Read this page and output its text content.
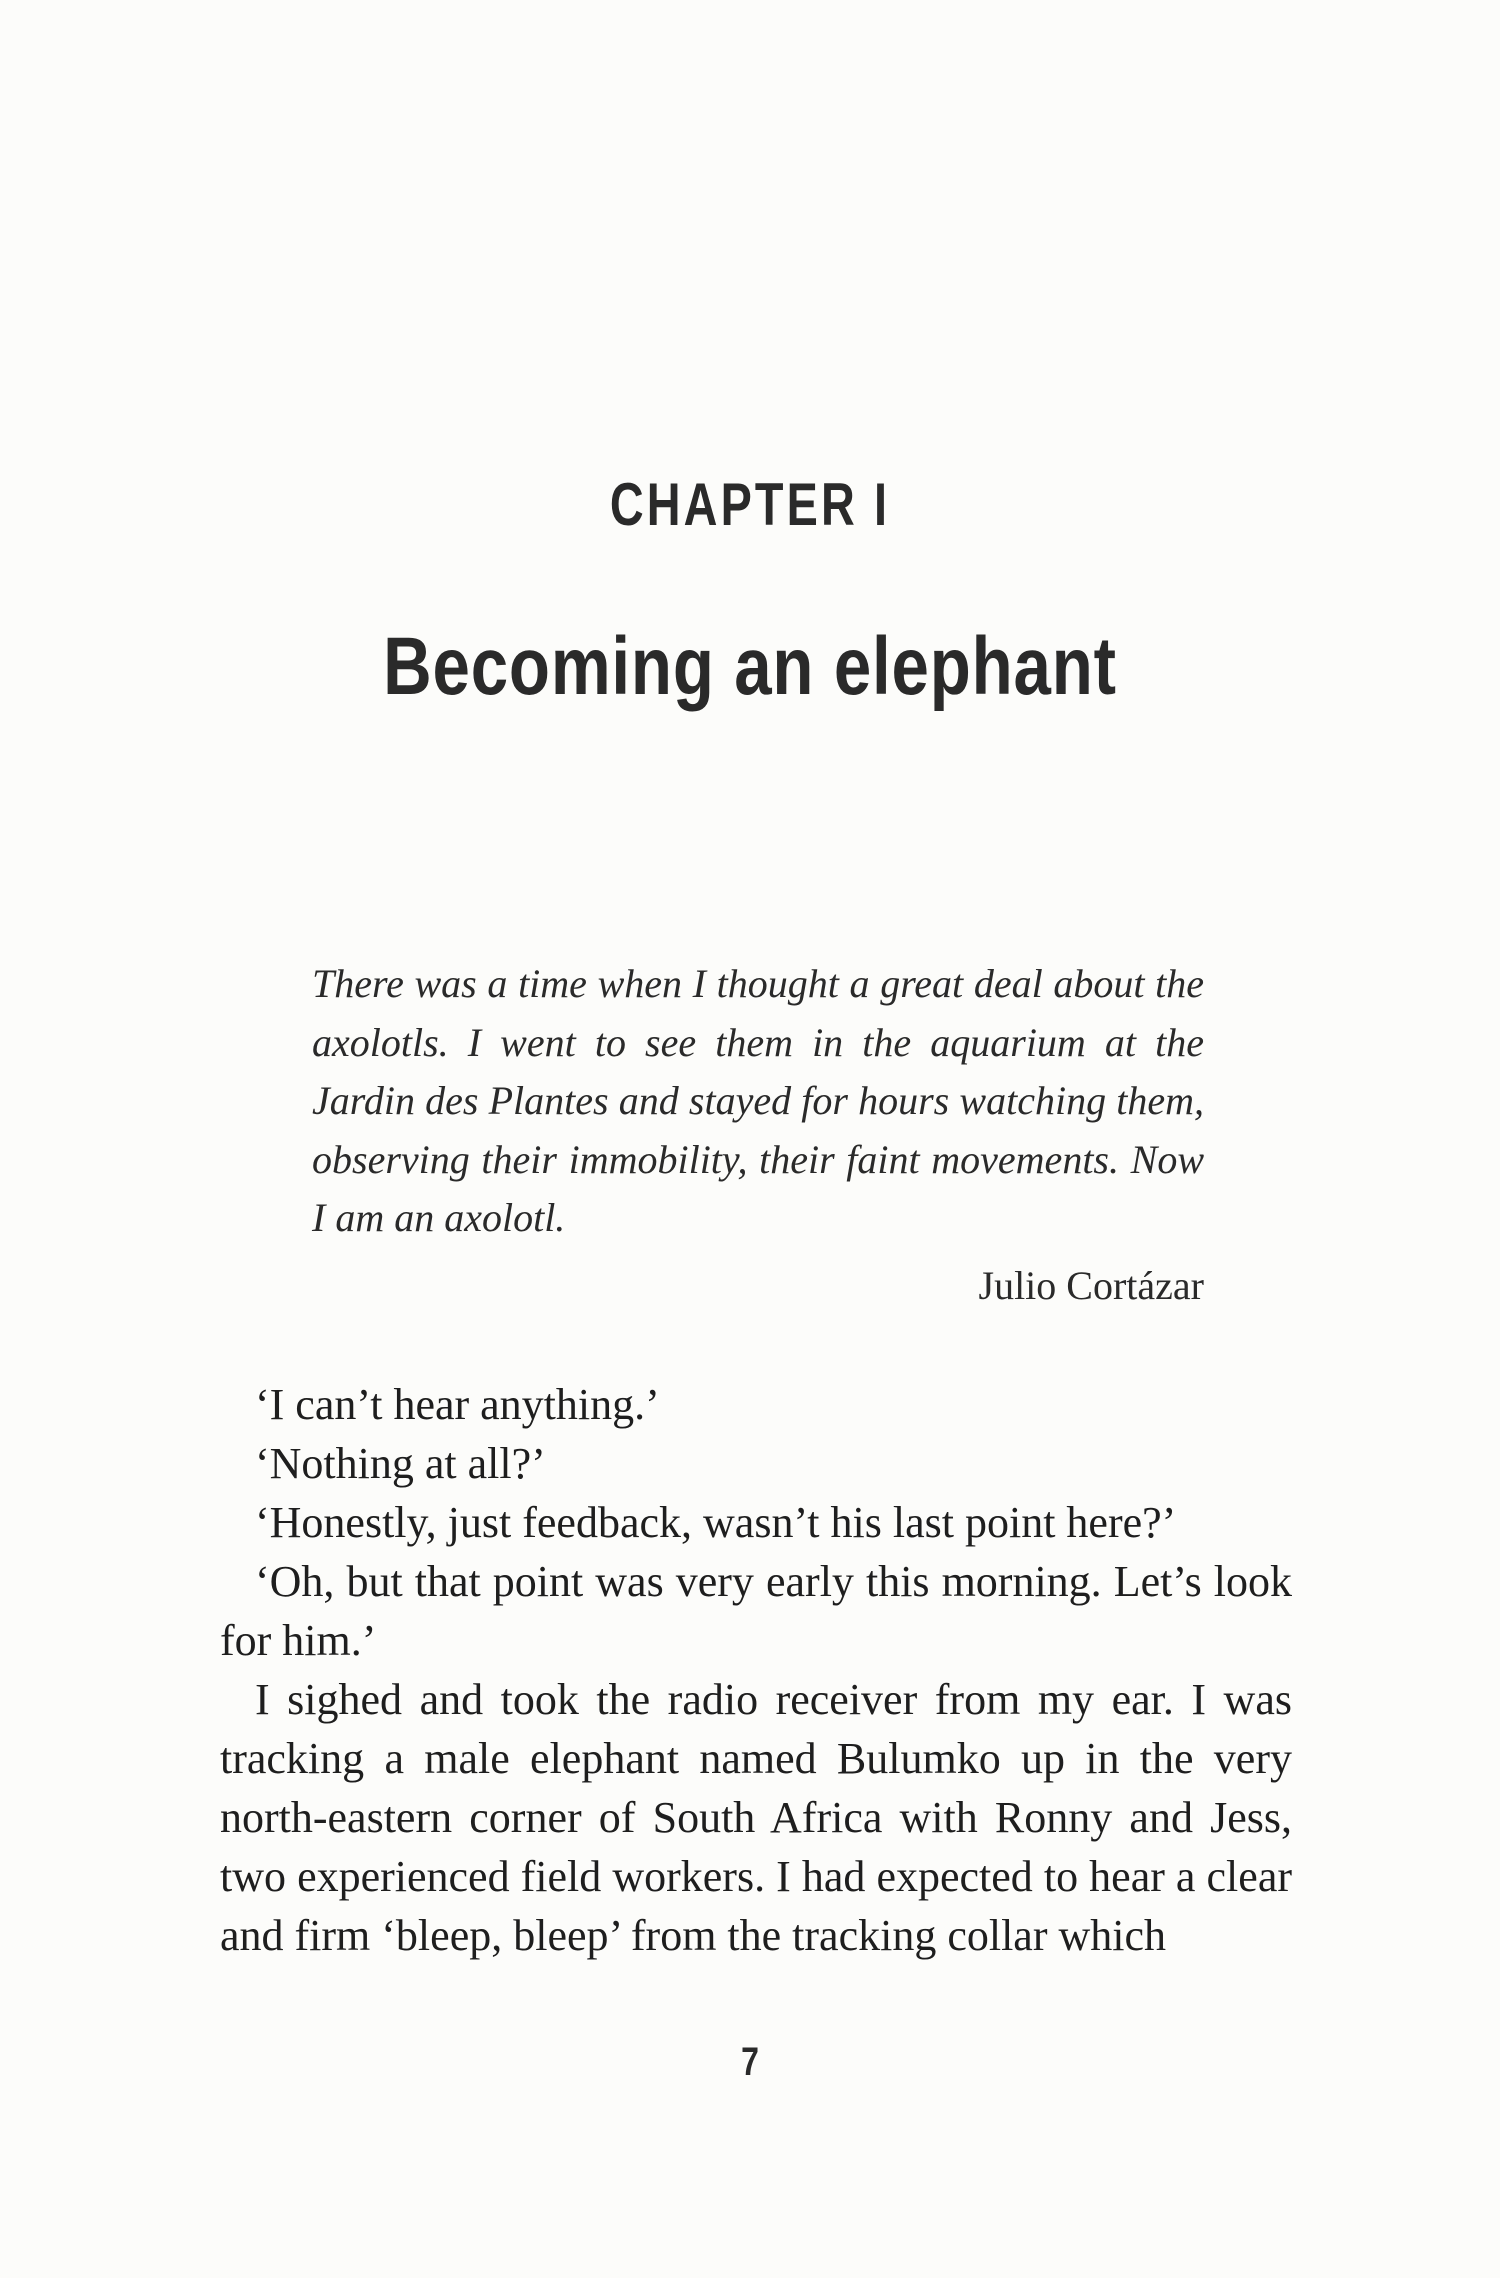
CHAPTER I
Becoming an elephant
There was a time when I thought a great deal about the axolotls. I went to see them in the aquarium at the Jardin des Plantes and stayed for hours watching them, observing their immobility, their faint movements. Now I am an axolotl.
Julio Cortázar

‘I can’t hear anything.’

‘Nothing at all?’

‘Honestly, just feedback, wasn’t his last point here?’

‘Oh, but that point was very early this morning. Let’s look for him.’

I sighed and took the radio receiver from my ear. I was tracking a male elephant named Bulumko up in the very north-eastern corner of South Africa with Ronny and Jess, two experienced field workers. I had expected to hear a clear and firm ‘bleep, bleep’ from the tracking collar which

7
